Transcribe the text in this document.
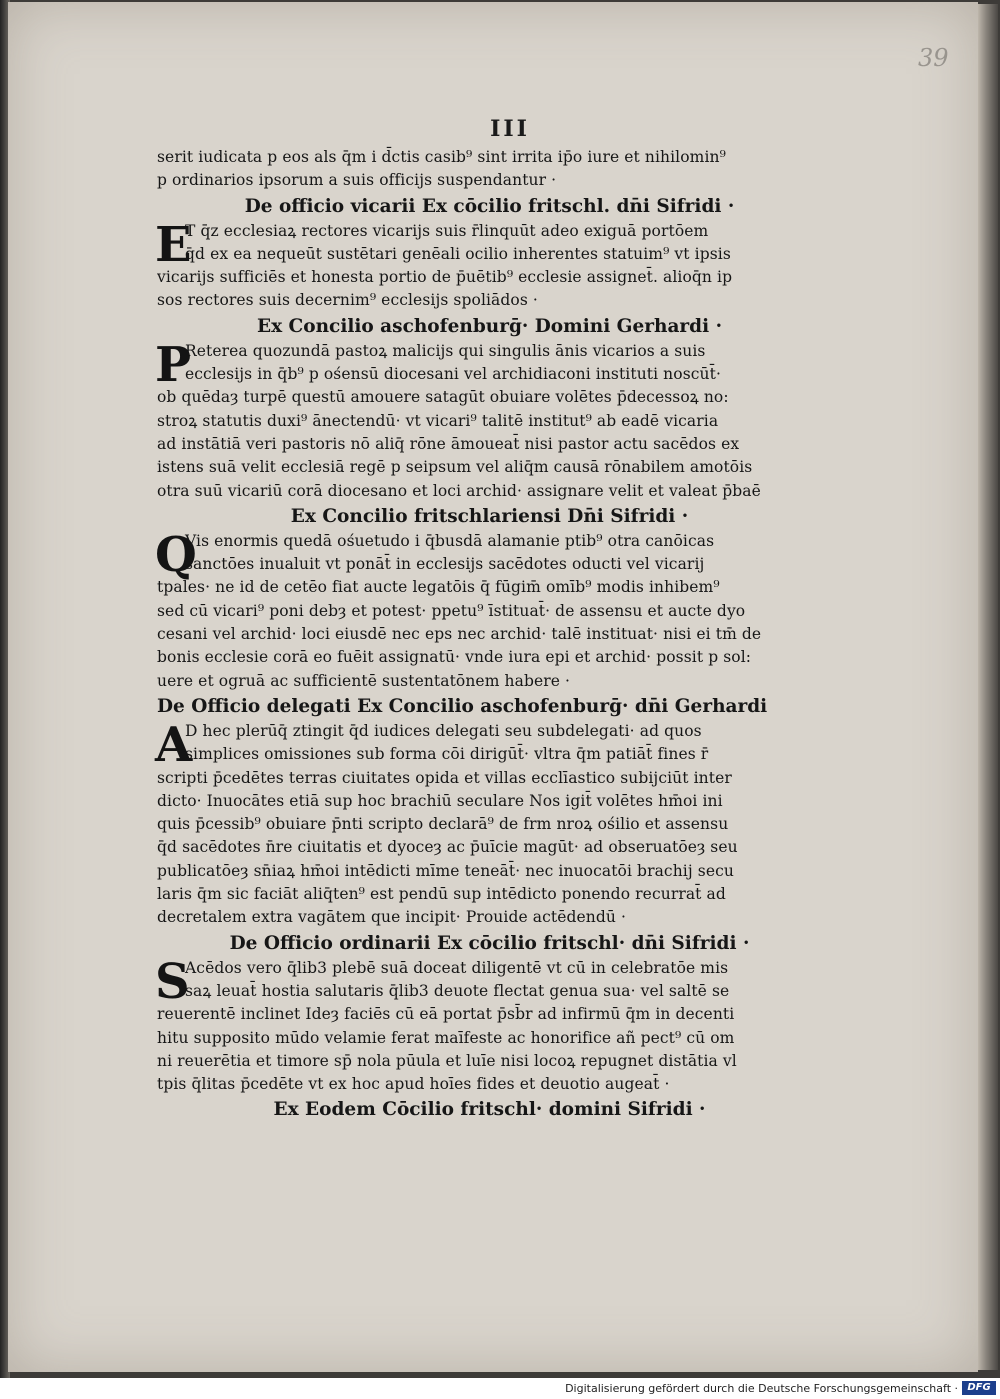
39
III
serit iudicata p eos als q̄m i d̄ctis casib⁹ sint irrita ip̄o iure et nihilomin⁹
p ordinarios ipsorum a suis officijs suspendantur ·
De officio vicarii Ex cōcilio fritschl. dn̄i Sifridi ·
E
T q̄z ecclesiaꝝ rectores vicarijs suis r̄linquūt adeo exiguā portōem
q̄d ex ea nequeūt sustētari genēali ocilio inherentes statuim⁹ vt ipsis
vicarijs sufficiēs et honesta portio de p̄uētib⁹ ecclesie assignet̄. alioq̄n ip
sos rectores suis decernim⁹ ecclesijs spoliādos ·
Ex Concilio aschofenburḡ· Domini Gerhardi ·
P
Reterea quozundā pastoꝝ malicijs qui singulis ānis vicarios a suis
ecclesijs in q̄b⁹ p ośensū diocesani vel archidiaconi instituti noscūt̄·
ob quēdaȝ turpē questū amouere satagūt obuiare volētes p̄decessoꝝ no:
stroꝝ statutis duxi⁹ ānectendū· vt vicari⁹ talitē institut⁹ ab eadē vicaria
ad instātiā veri pastoris nō aliq̄ rōne āmoueat̄ nisi pastor actu sacēdos ex
istens suā velit ecclesiā regē p seipsum vel aliq̄m causā rōnabilem amotōis
otra suū vicariū corā diocesano et loci archid· assignare velit et valeat p̄baē
Ex Concilio fritschlariensi Dn̄i Sifridi ·
Q
Vis enormis quedā ośuetudo i q̄busdā alamanie ptib⁹ otra canōicas
sanctōes inualuit vt ponāt̄ in ecclesijs sacēdotes oducti vel vicarij
tpales· ne id de cetēo fiat aucte legatōis q̄ fūgim̄ omīb⁹ modis inhibem⁹
sed cū vicari⁹ poni debȝ et potest· ppetu⁹ īstituat̄· de assensu et aucte dyo
cesani vel archid· loci eiusdē nec eps nec archid· talē instituat· nisi ei tm̄ de
bonis ecclesie corā eo fuēit assignatū· vnde iura epi et archid· possit p sol:
uere et ogruā ac sufficientē sustentatōnem habere ·
De Officio delegati Ex Concilio aschofenburḡ· dn̄i Gerhardi
A
D hec plerūq̄ ztingit q̄d iudices delegati seu subdelegati· ad quos
simplices omissiones sub forma cōi dirigūt̄· vltra q̄m patiāt̄ fines r̄
scripti p̄cedētes terras ciuitates opida et villas ecclīastico subijciūt inter
dicto· Inuocātes etiā sup hoc brachiū seculare Nos igit̄ volētes hm̄oi ini
quis p̄cessib⁹ obuiare p̄nti scripto declarā⁹ de frm nroꝝ ośilio et assensu
q̄d sacēdotes n̄re ciuitatis et dyoceȝ ac p̄uīcie magūt· ad obseruatōeȝ seu
publicatōeȝ sn̄iaꝝ hm̄oi intēdicti mīme teneāt̄· nec inuocatōi brachij secu
laris q̄m sic faciāt aliq̄ten⁹ est pendū sup intēdicto ponendo recurrat̄ ad
decretalem extra vagātem que incipit· Prouide actēdendū ·
De Officio ordinarii Ex cōcilio fritschl· dn̄i Sifridi ·
S
Acēdos vero q̄lib3 plebē suā doceat diligentē vt cū in celebratōe mis
saꝝ leuat̄ hostia salutaris q̄lib3 deuote flectat genua sua· vel saltē se
reuerentē inclinet Ideȝ faciēs cū eā portat p̄sb̄r ad infirmū q̄m in decenti
hitu supposito mūdo velamie ferat maīfeste ac honorifice añ pect⁹ cū om
ni reuerētia et timore sp̄ nola pūula et luīe nisi locoꝝ repugnet distātia vl
tpis q̄litas p̄cedēte vt ex hoc apud hoīes fides et deuotio augeat̄ ·
Ex Eodem Cōcilio fritschl· domini Sifridi ·
Digitalisierung gefördert durch die Deutsche Forschungsgemeinschaft · DFG
